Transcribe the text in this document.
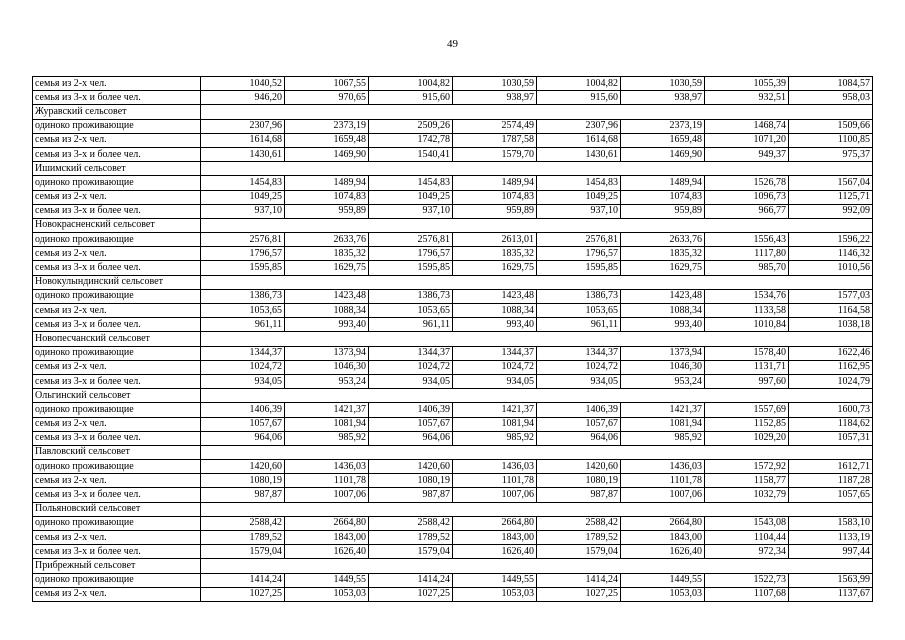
49
семья из 2-х чел.	1040,52	1067,55	1004,82	1030,59	1004,82	1030,59	1055,39	1084,57
семья из 3-х и более чел.	946,20	970,65	915,60	938,97	915,60	938,97	932,51	958,03
Журавский сельсовет								
одиноко проживающие	2307,96	2373,19	2509,26	2574,49	2307,96	2373,19	1468,74	1509,66
семья из 2-х чел.	1614,68	1659,48	1742,78	1787,58	1614,68	1659,48	1071,20	1100,85
семья из 3-х и более чел.	1430,61	1469,90	1540,41	1579,70	1430,61	1469,90	949,37	975,37
Ишимский сельсовет								
одиноко проживающие	1454,83	1489,94	1454,83	1489,94	1454,83	1489,94	1526,78	1567,04
семья из 2-х чел.	1049,25	1074,83	1049,25	1074,83	1049,25	1074,83	1096,73	1125,71
семья из 3-х и более чел.	937,10	959,89	937,10	959,89	937,10	959,89	966,77	992,09
Новокрасненский сельсовет								
одиноко проживающие	2576,81	2633,76	2576,81	2613,01	2576,81	2633,76	1556,43	1596,22
семья из 2-х чел.	1796,57	1835,32	1796,57	1835,32	1796,57	1835,32	1117,80	1146,32
семья из 3-х и более чел.	1595,85	1629,75	1595,85	1629,75	1595,85	1629,75	985,70	1010,56
Новокулындинский сельсовет								
одиноко проживающие	1386,73	1423,48	1386,73	1423,48	1386,73	1423,48	1534,76	1577,03
семья из 2-х чел.	1053,65	1088,34	1053,65	1088,34	1053,65	1088,34	1133,58	1164,58
семья из 3-х и более чел.	961,11	993,40	961,11	993,40	961,11	993,40	1010,84	1038,18
Новопесчанский сельсовет								
одиноко проживающие	1344,37	1373,94	1344,37	1344,37	1344,37	1373,94	1578,40	1622,46
семья из 2-х чел.	1024,72	1046,30	1024,72	1024,72	1024,72	1046,30	1131,71	1162,95
семья из 3-х и более чел.	934,05	953,24	934,05	934,05	934,05	953,24	997,60	1024,79
Ольгинский сельсовет								
одиноко проживающие	1406,39	1421,37	1406,39	1421,37	1406,39	1421,37	1557,69	1600,73
семья из 2-х чел.	1057,67	1081,94	1057,67	1081,94	1057,67	1081,94	1152,85	1184,62
семья из 3-х и более чел.	964,06	985,92	964,06	985,92	964,06	985,92	1029,20	1057,31
Павловский сельсовет								
одиноко проживающие	1420,60	1436,03	1420,60	1436,03	1420,60	1436,03	1572,92	1612,71
семья из 2-х чел.	1080,19	1101,78	1080,19	1101,78	1080,19	1101,78	1158,77	1187,28
семья из 3-х и более чел.	987,87	1007,06	987,87	1007,06	987,87	1007,06	1032,79	1057,65
Польяновский сельсовет								
одиноко проживающие	2588,42	2664,80	2588,42	2664,80	2588,42	2664,80	1543,08	1583,10
семья из 2-х чел.	1789,52	1843,00	1789,52	1843,00	1789,52	1843,00	1104,44	1133,19
семья из 3-х и более чел.	1579,04	1626,40	1579,04	1626,40	1579,04	1626,40	972,34	997,44
Прибрежный сельсовет								
одиноко проживающие	1414,24	1449,55	1414,24	1449,55	1414,24	1449,55	1522,73	1563,99
семья из 2-х чел.	1027,25	1053,03	1027,25	1053,03	1027,25	1053,03	1107,68	1137,67
